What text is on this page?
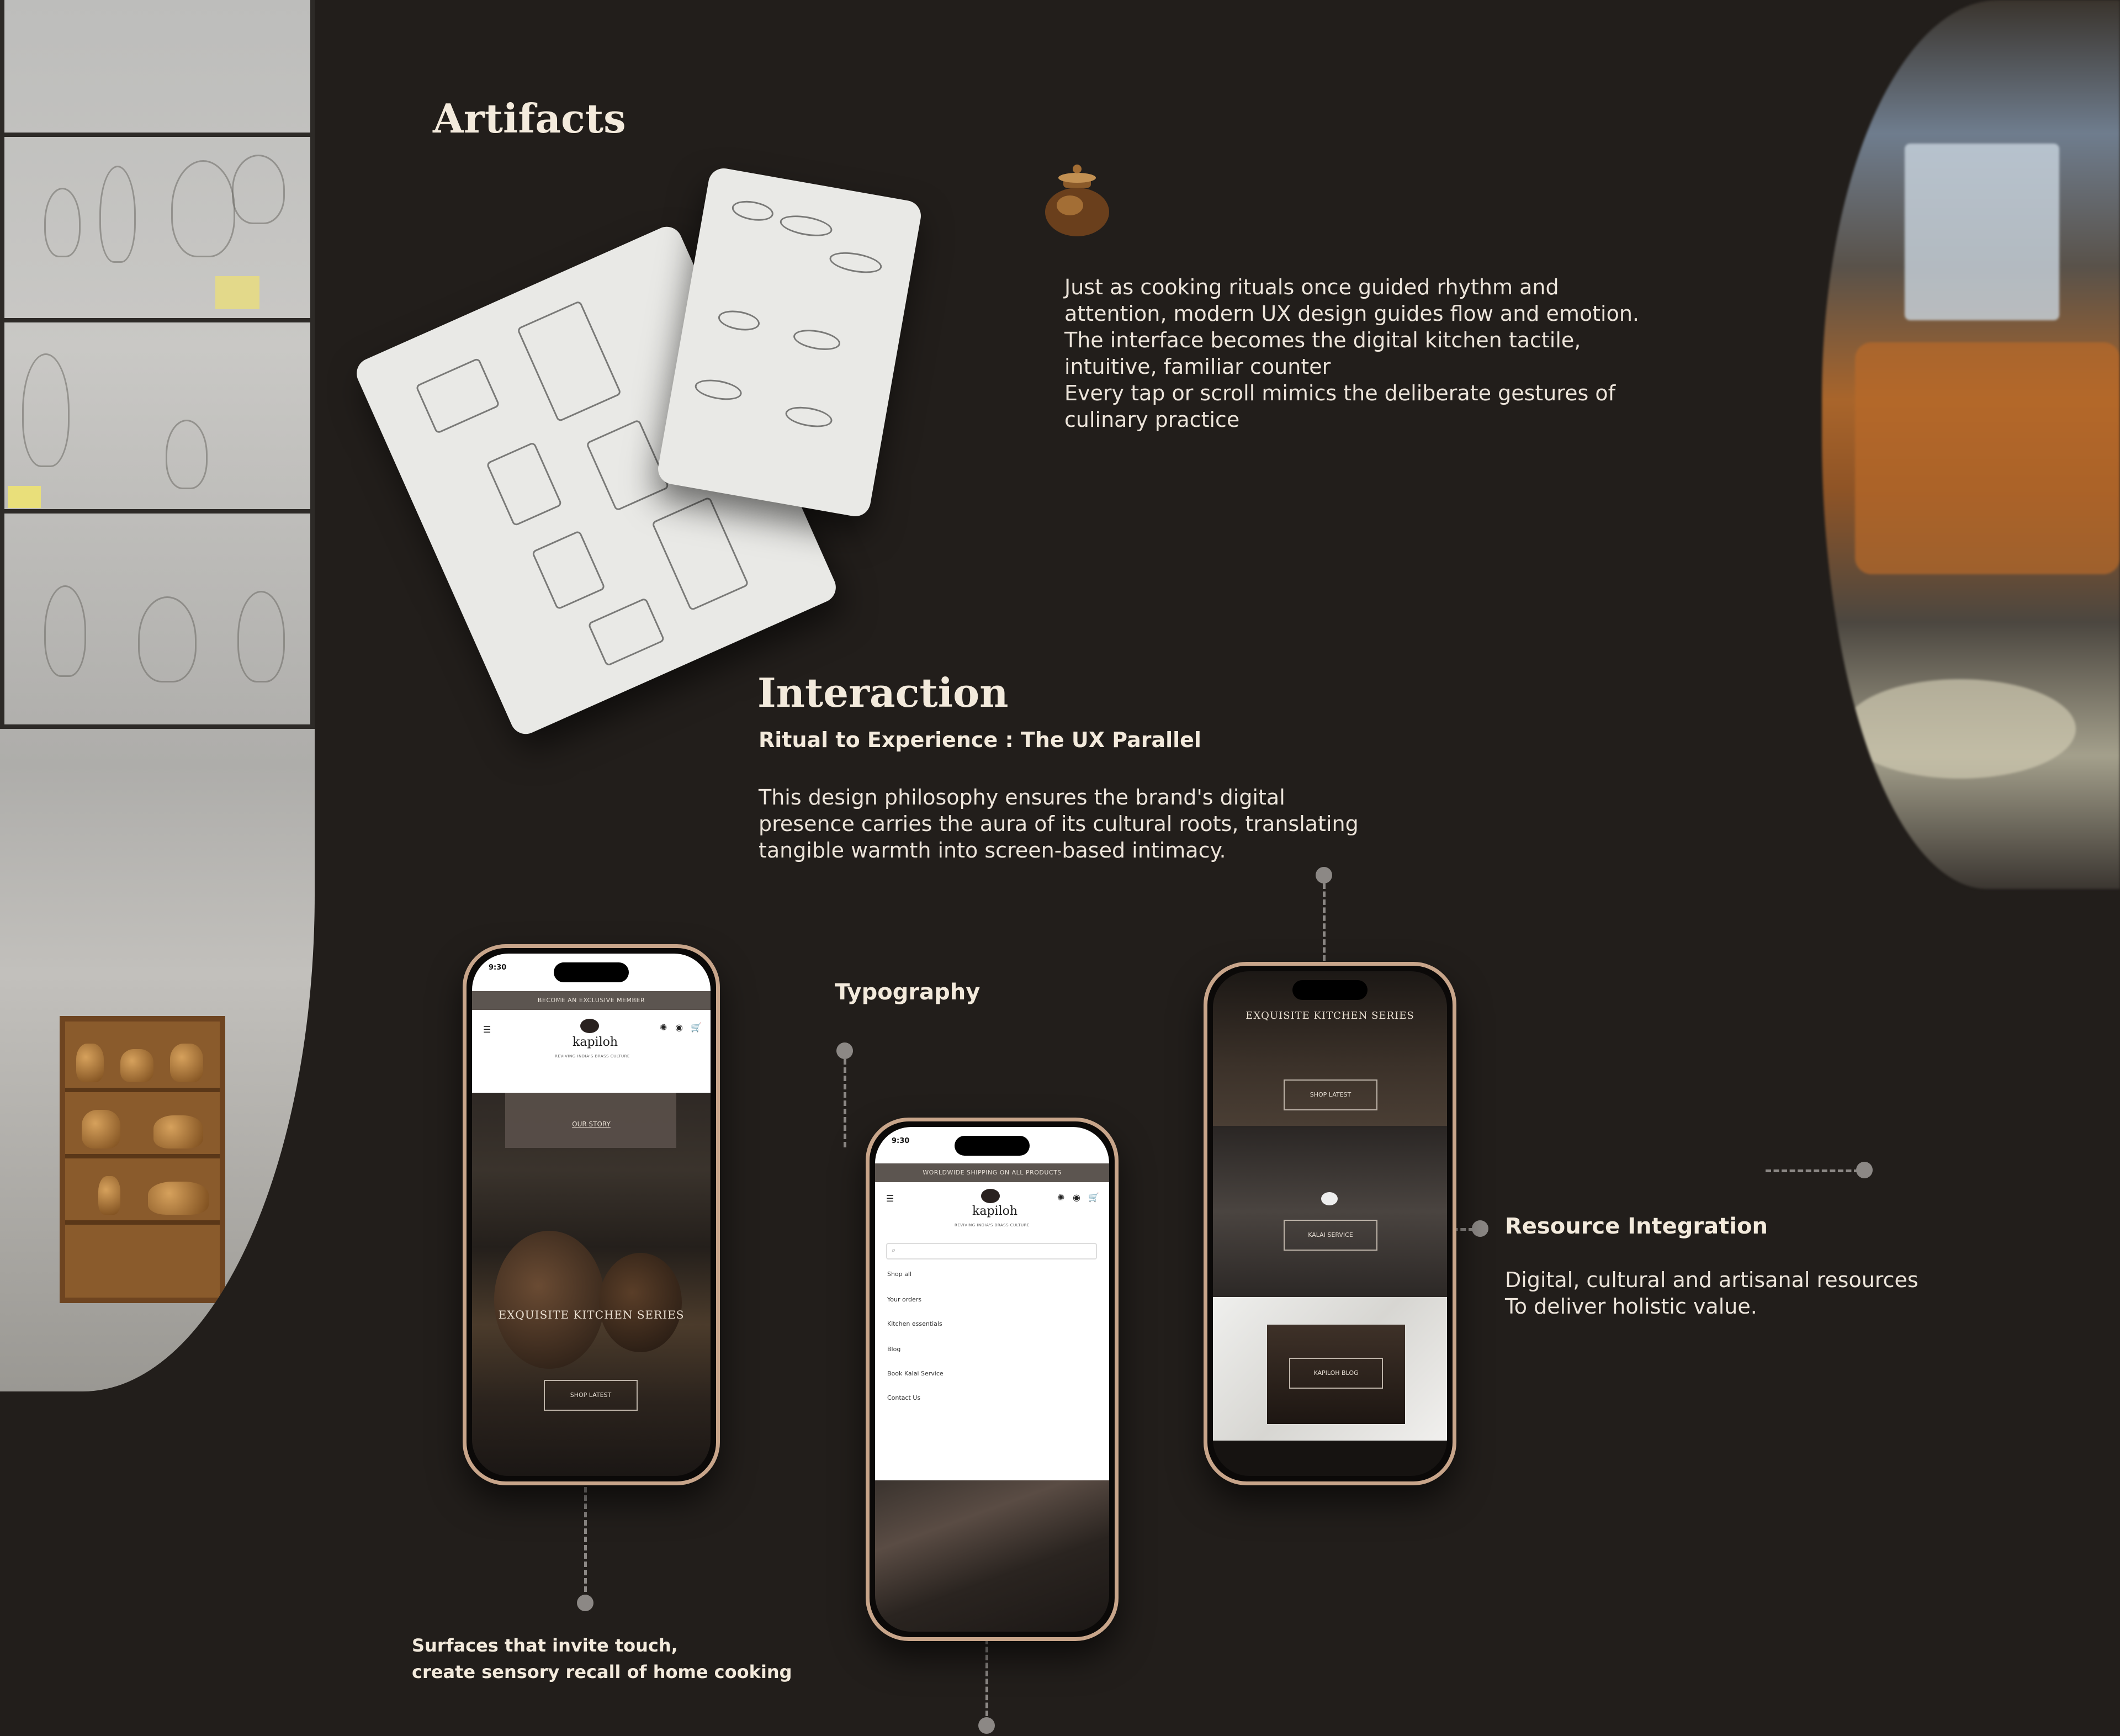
Artifacts
Just as cooking rituals once guided rhythm and
attention, modern UX design guides flow and emotion.
The interface becomes the digital kitchen tactile,
intuitive, familiar counter
Every tap or scroll mimics the deliberate gestures of
culinary practice
Interaction
Ritual to Experience : The UX Parallel
This design philosophy ensures the brand's digital
presence carries the aura of its cultural roots, translating
tangible warmth into screen-based intimacy.
Typography
Resource Integration
Digital, cultural and artisanal resources
To deliver holistic value.
Surfaces that invite touch,
create sensory recall of home cooking
9:30
BECOME AN EXCLUSIVE MEMBER
☰
kapiloh
REVIVING INDIA'S BRASS CULTURE
✺ ◉ 🛒
OUR STORY
EXQUISITE KITCHEN SERIES
SHOP LATEST
9:30
WORLDWIDE SHIPPING ON ALL PRODUCTS
☰
kapiloh
REVIVING INDIA'S BRASS CULTURE
✺ ◉ 🛒
⌕
Shop all
Your orders
Kitchen essentials
Blog
Book Kalai Service
Contact Us
EXQUISITE KITCHEN SERIES
SHOP LATEST
KALAI SERVICE
KAPILOH BLOG
